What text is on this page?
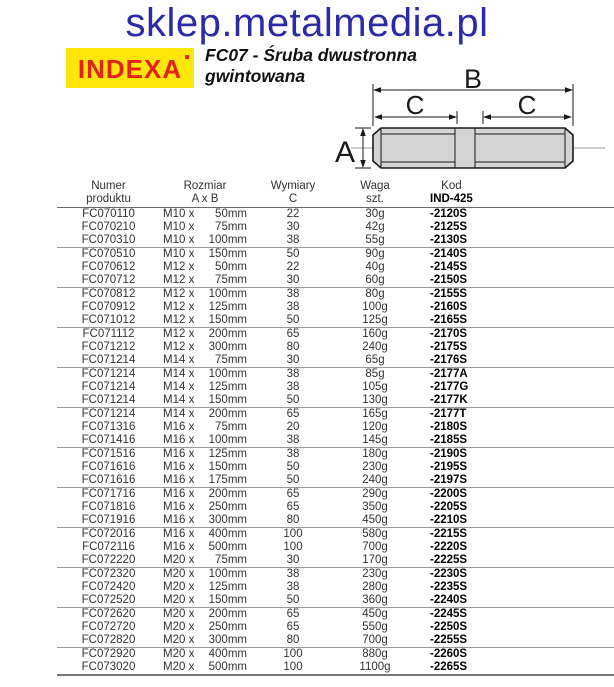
sklep.metalmedia.pl
INDEXA FC07 - Śruba dwustronna
gwintowana	B
C	C
A
Numer
produktu

Rozmiar
A x B

Wymiary
C

Waga
szt.

Kod
IND-425

FC070110	M10 x 50mm	22	30g	-2120S
FC070210	M10 x 75mm	30	42g	-2125S
FC070310	M10 x 100mm	38	55g	-2130S
FC070510	M10 x 150mm	50	90g	-2140S
FC070612	M12 x 50mm	22	40g	-2145S
FC070712	M12 x 75mm	30	60g	-2150S
FC070812	M12 x 100mm	38	80g	-2155S
FC070912	M12 x 125mm	38	100g	-2160S
FC071012	M12 x 150mm	50	125g	-2165S
FC071112	M12 x 200mm	65	160g	-2170S
FC071212	M12 x 300mm	80	240g	-2175S
FC071214	M14 x 75mm	30	65g	-2176S
FC071214	M14 x 100mm	38	85g	-2177A
FC071214	M14 x 125mm	38	105g	-2177G
FC071214	M14 x 150mm	50	130g	-2177K
FC071214	M14 x 200mm	65	165g	-2177T
FC071316	M16 x 75mm	20	120g	-2180S
FC071416	M16 x 100mm	38	145g	-2185S
FC071516	M16 x 125mm	38	180g	-2190S
FC071616	M16 x 150mm	50	230g	-2195S
FC071616	M16 x 175mm	50	240g	-2197S
FC071716	M16 x 200mm	65	290g	-2200S
FC071816	M16 x 250mm	65	350g	-2205S
FC071916	M16 x 300mm	80	450g	-2210S
FC072016	M16 x 400mm	100	580g	-2215S
FC072116	M16 x 500mm	100	700g	-2220S
FC072220	M20 x 75mm	30	170g	-2225S
FC072320	M20 x 100mm	38	230g	-2230S
FC072420	M20 x 125mm	38	280g	-2235S
FC072520	M20 x 150mm	50	360g	-2240S
FC072620	M20 x 200mm	65	450g	-2245S
FC072720	M20 x 250mm	65	550g	-2250S
FC072820	M20 x 300mm	80	700g	-2255S
FC072920	M20 x 400mm	100	880g	-2260S
FC073020	M20 x 500mm	100	1100g	-2265S
